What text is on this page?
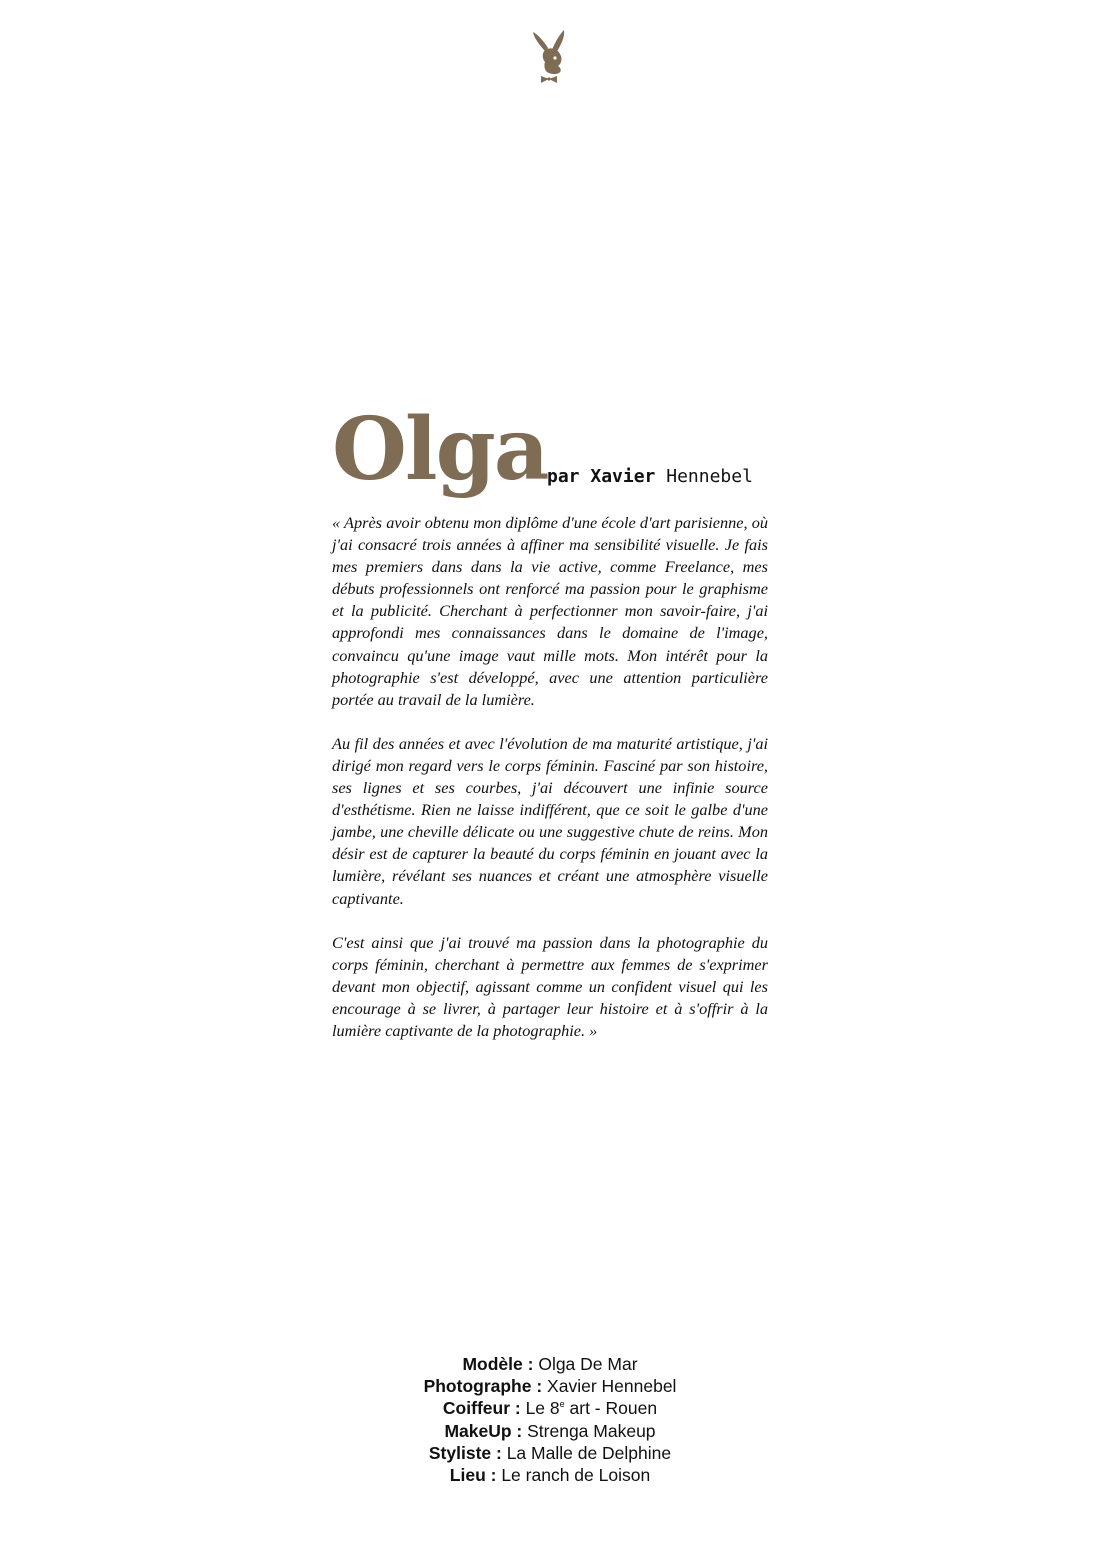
Olga par Xavier Hennebel

« Après avoir obtenu mon diplôme d'une école d'art parisienne, où j'ai consacré trois années à affiner ma sensibilité visuelle. Je fais mes premiers dans dans la vie active, comme Freelance, mes débuts professionnels ont renforcé ma passion pour le graphisme et la publicité. Cherchant à perfectionner mon savoir-faire, j'ai approfondi mes connaissances dans le domaine de l'image, convaincu qu'une image vaut mille mots. Mon intérêt pour la photographie s'est développé, avec une attention particulière portée au travail de la lumière.

Au fil des années et avec l'évolution de ma maturité artistique, j'ai dirigé mon regard vers le corps féminin. Fasciné par son histoire, ses lignes et ses courbes, j'ai découvert une infinie source d'esthétisme. Rien ne laisse indifférent, que ce soit le galbe d'une jambe, une cheville délicate ou une suggestive chute de reins. Mon désir est de capturer la beauté du corps féminin en jouant avec la lumière, révélant ses nuances et créant une atmosphère visuelle captivante.

C'est ainsi que j'ai trouvé ma passion dans la photographie du corps féminin, cherchant à permettre aux femmes de s'exprimer devant mon objectif, agissant comme un confident visuel qui les encourage à se livrer, à partager leur histoire et à s'offrir à la lumière captivante de la photographie. »

Modèle : Olga De Mar
Photographe : Xavier Hennebel
Coiffeur : Le 8e art - Rouen
MakeUp : Strenga Makeup
Styliste : La Malle de Delphine
Lieu : Le ranch de Loison
